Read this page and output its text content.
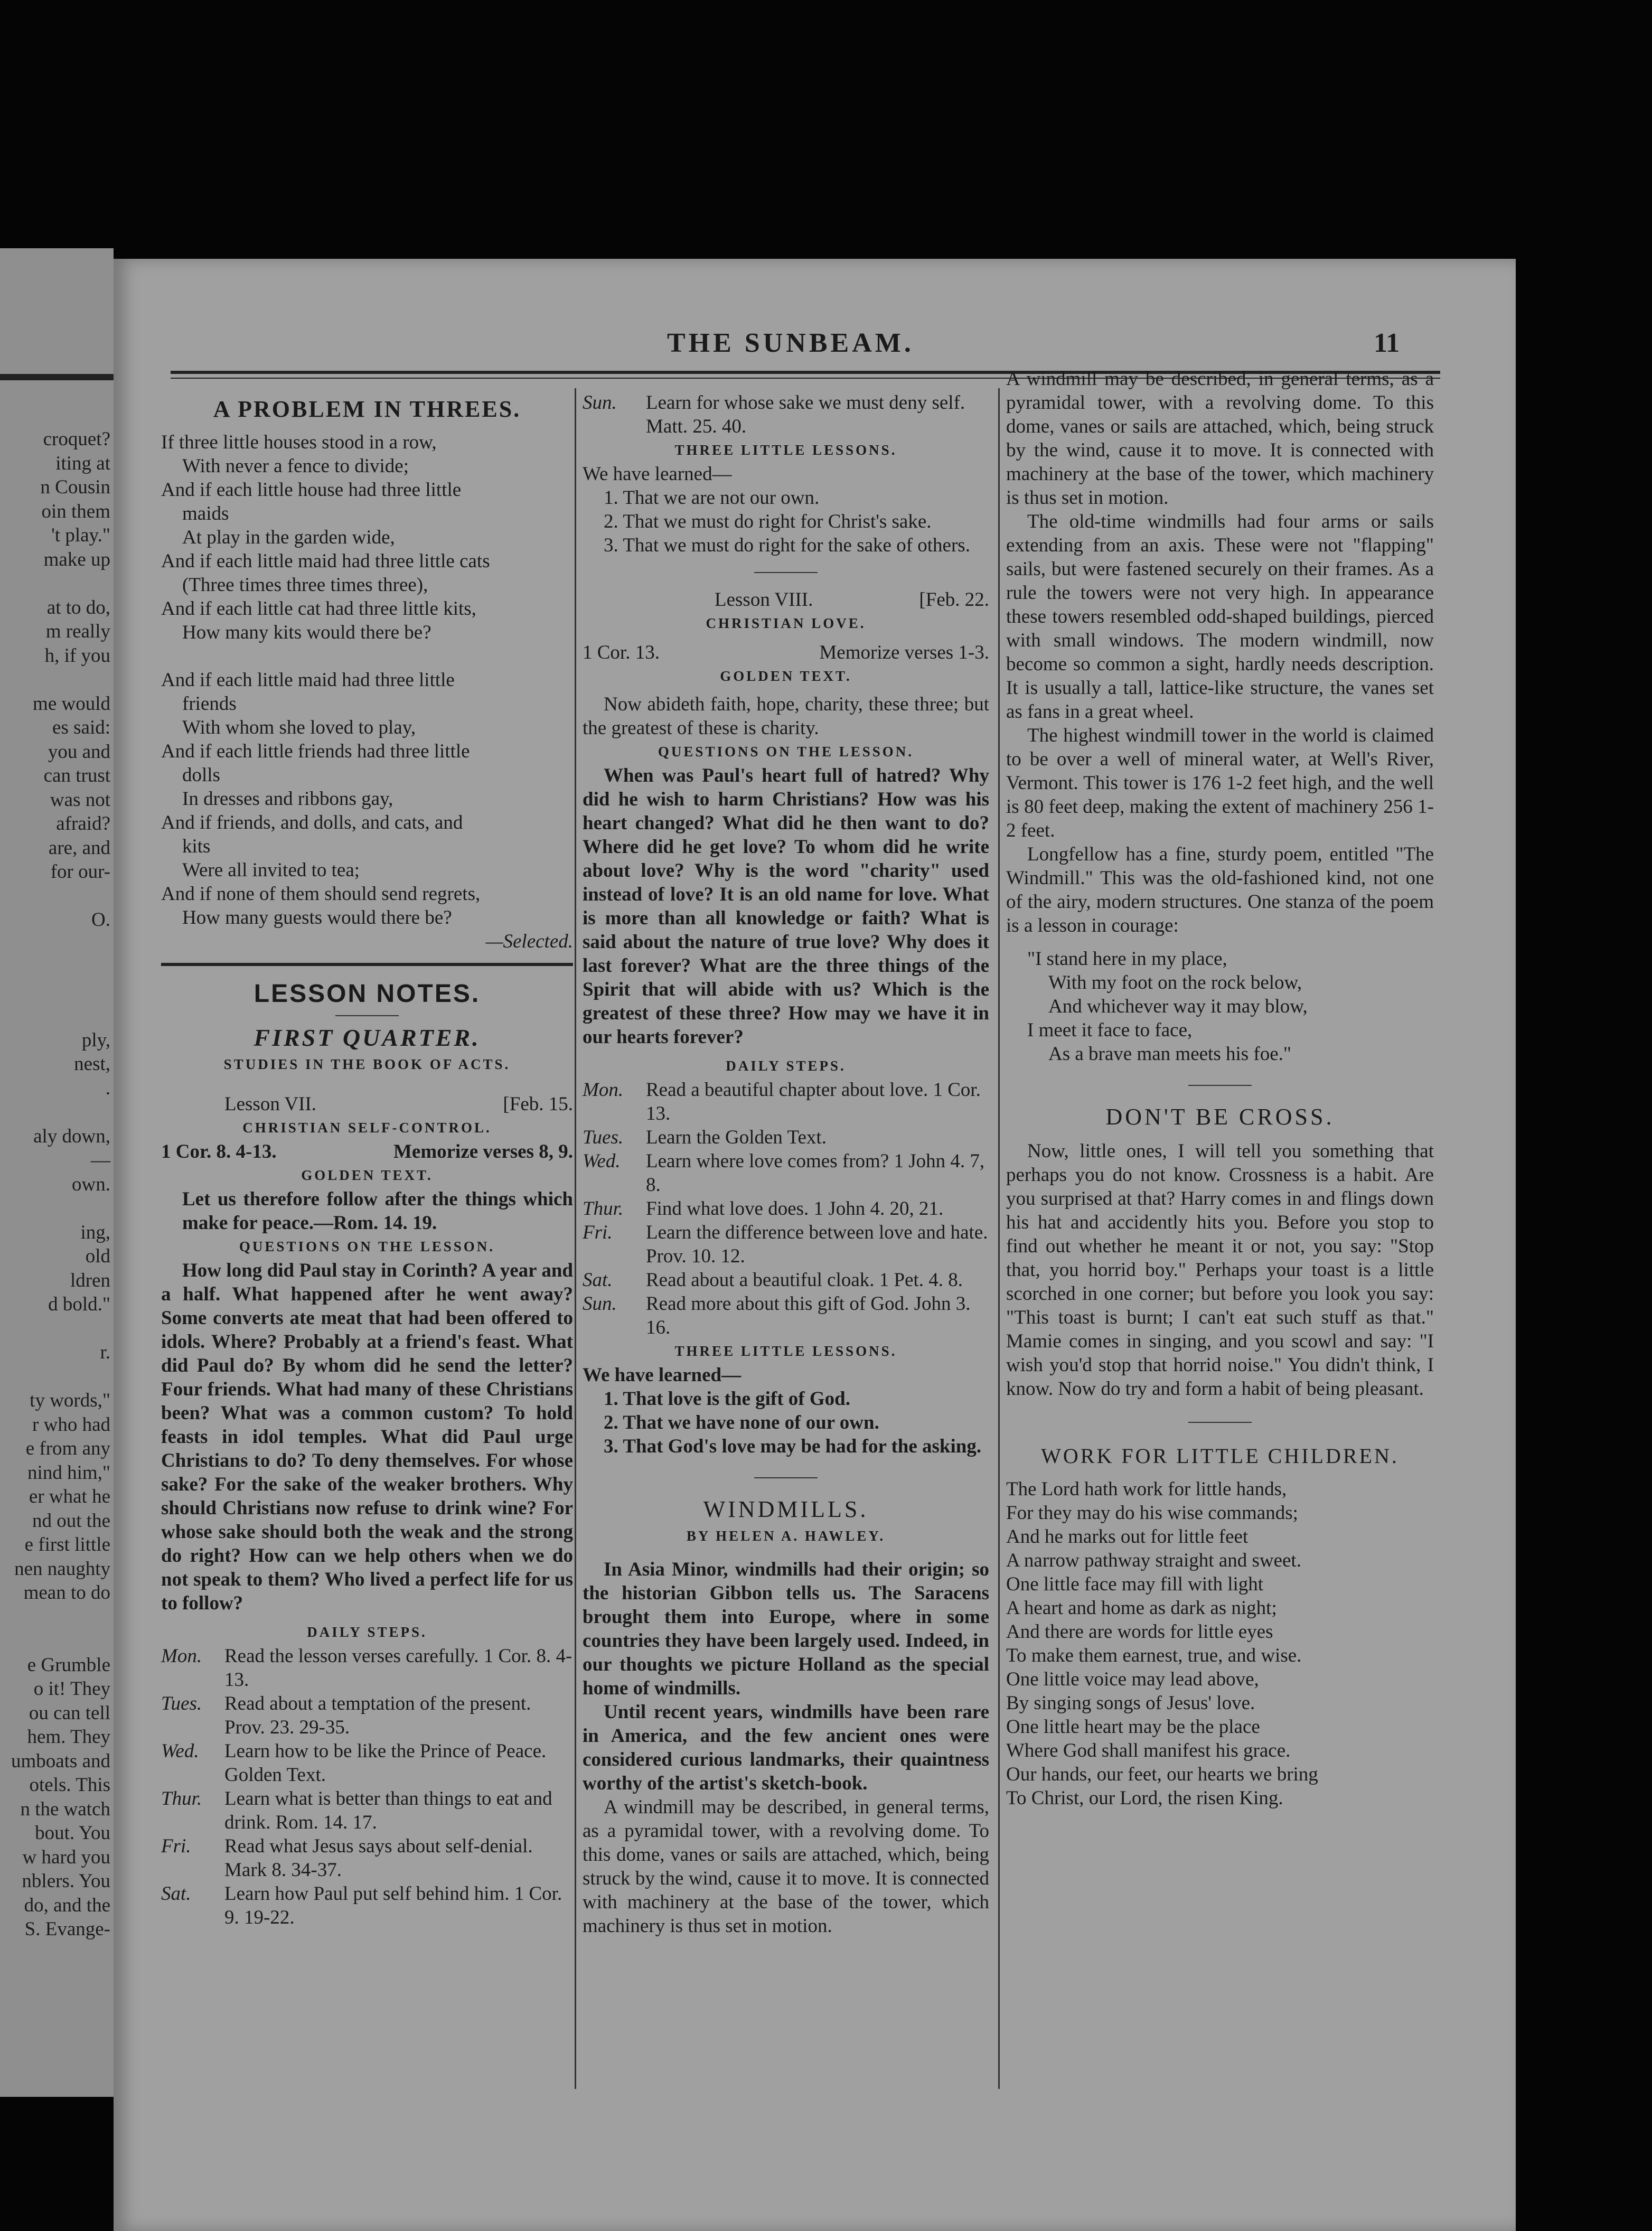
croquet?
iting at
n Cousin
oin them
't play."
make up
at to do,
m really
h, if you
me would
es said:
you and
can trust
was not
afraid?
are, and
for our-
O.
ply,
nest,
.
aly down,
—
own.
ing,
old
ldren
d bold."
r.
ty words,"
r who had
e from any
nind him,"
er what he
nd out the
e first little
nen naughty
mean to do
e Grumble
o it! They
ou can tell
hem. They
umboats and
otels. This
n the watch
bout. You
w hard you
nblers. You
do, and the
S. Evange-
THE SUNBEAM.	11
A PROBLEM IN THREES.
If three little houses stood in a row,
With never a fence to divide;
And if each little house had three little
maids
At play in the garden wide,
And if each little maid had three little cats
(Three times three times three),
And if each little cat had three little kits,
How many kits would there be?
And if each little maid had three little
friends
With whom she loved to play,
And if each little friends had three little
dolls
In dresses and ribbons gay,
And if friends, and dolls, and cats, and
kits
Were all invited to tea;
And if none of them should send regrets,
How many guests would there be?
—Selected.
LESSON NOTES.
FIRST QUARTER.
STUDIES IN THE BOOK OF ACTS.
Lesson VII.	[Feb. 15.
CHRISTIAN SELF-CONTROL.
1 Cor. 8. 4-13.	Memorize verses 8, 9.
GOLDEN TEXT.
Let us therefore follow after the things which make for peace.—Rom. 14. 19.
QUESTIONS ON THE LESSON.
How long did Paul stay in Corinth? A year and a half. What happened after he went away? Some converts ate meat that had been offered to idols. Where? Probably at a friend's feast. What did Paul do? By whom did he send the letter? Four friends. What had many of these Christians been? What was a common custom? To hold feasts in idol temples. What did Paul urge Christians to do? To deny themselves. For whose sake? For the sake of the weaker brothers. Why should Christians now refuse to drink wine? For whose sake should both the weak and the strong do right? How can we help others when we do not speak to them? Who lived a perfect life for us to follow?
DAILY STEPS.
Mon.	Read the lesson verses carefully. 1 Cor. 8. 4-13.
Tues.	Read about a temptation of the present. Prov. 23. 29-35.
Wed.	Learn how to be like the Prince of Peace. Golden Text.
Thur.	Learn what is better than things to eat and drink. Rom. 14. 17.
Fri.	Read what Jesus says about self-denial. Mark 8. 34-37.
Sat.	Learn how Paul put self behind him. 1 Cor. 9. 19-22.
Sun.	Learn for whose sake we must deny self. Matt. 25. 40.
THREE LITTLE LESSONS.
We have learned—
1. That we are not our own.
2. That we must do right for Christ's sake.
3. That we must do right for the sake of others.
Lesson VIII.	[Feb. 22.
CHRISTIAN LOVE.
1 Cor. 13.	Memorize verses 1-3.
GOLDEN TEXT.
Now abideth faith, hope, charity, these three; but the greatest of these is charity.
QUESTIONS ON THE LESSON.
When was Paul's heart full of hatred? Why did he wish to harm Christians? How was his heart changed? What did he then want to do? Where did he get love? To whom did he write about love? Why is the word "charity" used instead of love? It is an old name for love. What is more than all knowledge or faith? What is said about the nature of true love? Why does it last forever? What are the three things of the Spirit that will abide with us? Which is the greatest of these three? How may we have it in our hearts forever?
DAILY STEPS.
Mon.	Read a beautiful chapter about love. 1 Cor. 13.
Tues.	Learn the Golden Text.
Wed.	Learn where love comes from? 1 John 4. 7, 8.
Thur.	Find what love does. 1 John 4. 20, 21.
Fri.	Learn the difference between love and hate. Prov. 10. 12.
Sat.	Read about a beautiful cloak. 1 Pet. 4. 8.
Sun.	Read more about this gift of God. John 3. 16.
THREE LITTLE LESSONS.
We have learned—
1. That love is the gift of God.
2. That we have none of our own.
3. That God's love may be had for the asking.
WINDMILLS.
BY HELEN A. HAWLEY.
In Asia Minor, windmills had their origin; so the historian Gibbon tells us. The Saracens brought them into Europe, where in some countries they have been largely used. Indeed, in our thoughts we picture Holland as the special home of windmills.
Until recent years, windmills have been rare in America, and the few ancient ones were considered curious landmarks, their quaintness worthy of the artist's sketch-book.
A windmill may be described, in general terms, as a pyramidal tower, with a revolving dome. To this dome, vanes or sails are attached, which, being struck by the wind, cause it to move. It is connected with machinery at the base of the tower, which machinery is thus set in motion.
A windmill may be described, in general terms, as a pyramidal tower, with a revolving dome. To this dome, vanes or sails are attached, which, being struck by the wind, cause it to move. It is connected with machinery at the base of the tower, which machinery is thus set in motion.
The old-time windmills had four arms or sails extending from an axis. These were not "flapping" sails, but were fastened securely on their frames. As a rule the towers were not very high. In appearance these towers resembled odd-shaped buildings, pierced with small windows. The modern windmill, now become so common a sight, hardly needs description. It is usually a tall, lattice-like structure, the vanes set as fans in a great wheel.
The highest windmill tower in the world is claimed to be over a well of mineral water, at Well's River, Vermont. This tower is 176 1-2 feet high, and the well is 80 feet deep, making the extent of machinery 256 1-2 feet.
Longfellow has a fine, sturdy poem, entitled "The Windmill." This was the old-fashioned kind, not one of the airy, modern structures. One stanza of the poem is a lesson in courage:
"I stand here in my place,
With my foot on the rock below,
And whichever way it may blow,
I meet it face to face,
As a brave man meets his foe."
DON'T BE CROSS.
Now, little ones, I will tell you something that perhaps you do not know. Crossness is a habit. Are you surprised at that? Harry comes in and flings down his hat and accidently hits you. Before you stop to find out whether he meant it or not, you say: "Stop that, you horrid boy." Perhaps your toast is a little scorched in one corner; but before you look you say: "This toast is burnt; I can't eat such stuff as that." Mamie comes in singing, and you scowl and say: "I wish you'd stop that horrid noise." You didn't think, I know. Now do try and form a habit of being pleasant.
WORK FOR LITTLE CHILDREN.
The Lord hath work for little hands,
For they may do his wise commands;
And he marks out for little feet
A narrow pathway straight and sweet.
One little face may fill with light
A heart and home as dark as night;
And there are words for little eyes
To make them earnest, true, and wise.
One little voice may lead above,
By singing songs of Jesus' love.
One little heart may be the place
Where God shall manifest his grace.
Our hands, our feet, our hearts we bring
To Christ, our Lord, the risen King.
